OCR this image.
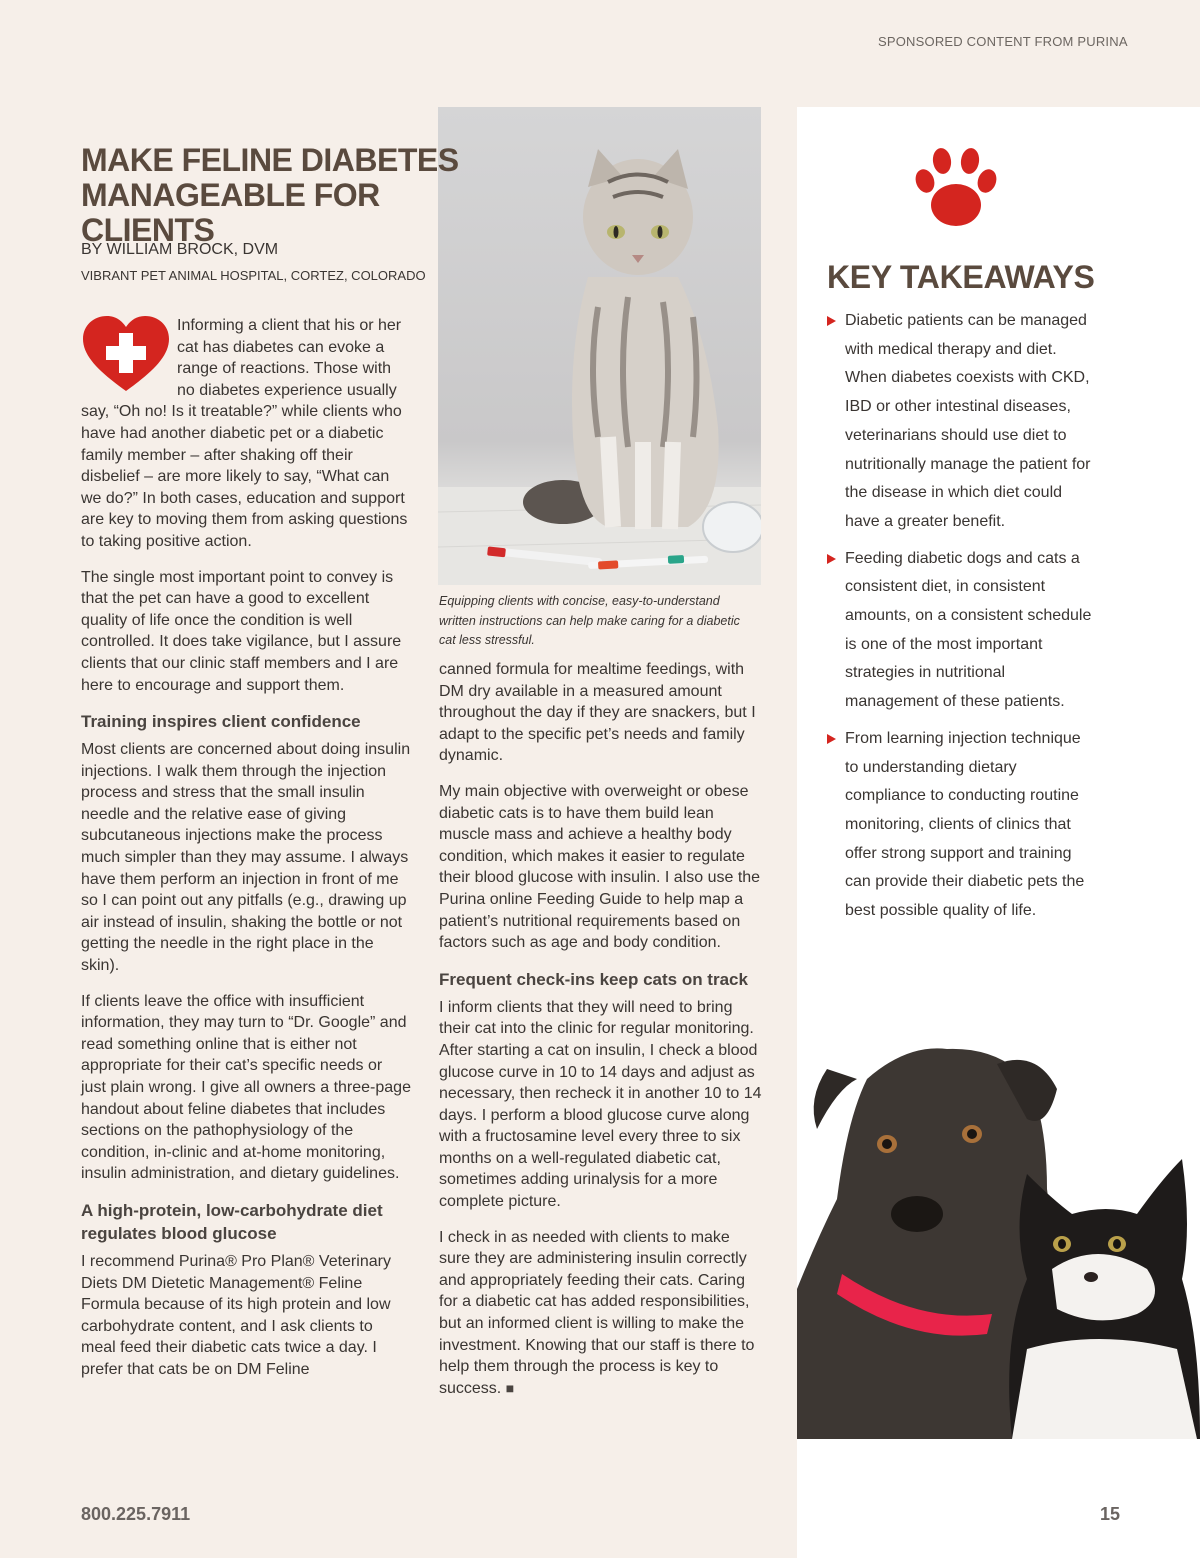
SPONSORED CONTENT FROM PURINA
MAKE FELINE DIABETES MANAGEABLE FOR CLIENTS
BY WILLIAM BROCK, DVM
VIBRANT PET ANIMAL HOSPITAL, CORTEZ, COLORADO
Equipping clients with concise, easy-to-understand written instructions can help make caring for a diabetic cat less stressful.

Informing a client that his or her cat has diabetes can evoke a range of reactions. Those with no diabetes experience usually say, “Oh no! Is it treatable?” while clients who have had another diabetic pet or a diabetic family member – after shaking off their disbelief – are more likely to say, “What can we do?” In both cases, education and support are key to moving them from asking questions to taking positive action.

The single most important point to convey is that the pet can have a good to excellent quality of life once the condition is well controlled. It does take vigilance, but I assure clients that our clinic staff members and I are here to encourage and support them.

Training inspires client confidence

Most clients are concerned about doing insulin injections. I walk them through the injection process and stress that the small insulin needle and the relative ease of giving subcutaneous injections make the process much simpler than they may assume. I always have them perform an injection in front of me so I can point out any pitfalls (e.g., drawing up air instead of insulin, shaking the bottle or not getting the needle in the right place in the skin).

If clients leave the office with insufficient information, they may turn to “Dr. Google” and read something online that is either not appropriate for their cat’s specific needs or just plain wrong. I give all owners a three-page handout about feline diabetes that includes sections on the pathophysiology of the condition, in-clinic and at-home monitoring, insulin administration, and dietary guidelines.

A high-protein, low-carbohydrate diet regulates blood glucose

I recommend Purina® Pro Plan® Veterinary Diets DM Dietetic Management® Feline Formula because of its high protein and low carbohydrate content, and I ask clients to meal feed their diabetic cats twice a day. I prefer that cats be on DM Feline

canned formula for mealtime feedings, with DM dry available in a measured amount throughout the day if they are snackers, but I adapt to the specific pet’s needs and family dynamic.

My main objective with overweight or obese diabetic cats is to have them build lean muscle mass and achieve a healthy body condition, which makes it easier to regulate their blood glucose with insulin. I also use the Purina online Feeding Guide to help map a patient’s nutritional requirements based on factors such as age and body condition.

Frequent check-ins keep cats on track

I inform clients that they will need to bring their cat into the clinic for regular monitoring. After starting a cat on insulin, I check a blood glucose curve in 10 to 14 days and adjust as necessary, then recheck it in another 10 to 14 days. I perform a blood glucose curve along with a fructosamine level every three to six months on a well-regulated diabetic cat, sometimes adding urinalysis for a more complete picture.

I check in as needed with clients to make sure they are administering insulin correctly and appropriately feeding their cats. Caring for a diabetic cat has added responsibilities, but an informed client is willing to make the investment. Knowing that our staff is there to help them through the process is key to success. ■

KEY TAKEAWAYS
Diabetic patients can be managed with medical therapy and diet. When diabetes coexists with CKD, IBD or other intestinal diseases, veterinarians should use diet to nutritionally manage the patient for the disease in which diet could have a greater benefit.
Feeding diabetic dogs and cats a consistent diet, in consistent amounts, on a consistent schedule is one of the most important strategies in nutritional management of these patients.
From learning injection technique to understanding dietary compliance to conducting routine monitoring, clients of clinics that offer strong support and training can provide their diabetic pets the best possible quality of life.
800.225.7911	15
